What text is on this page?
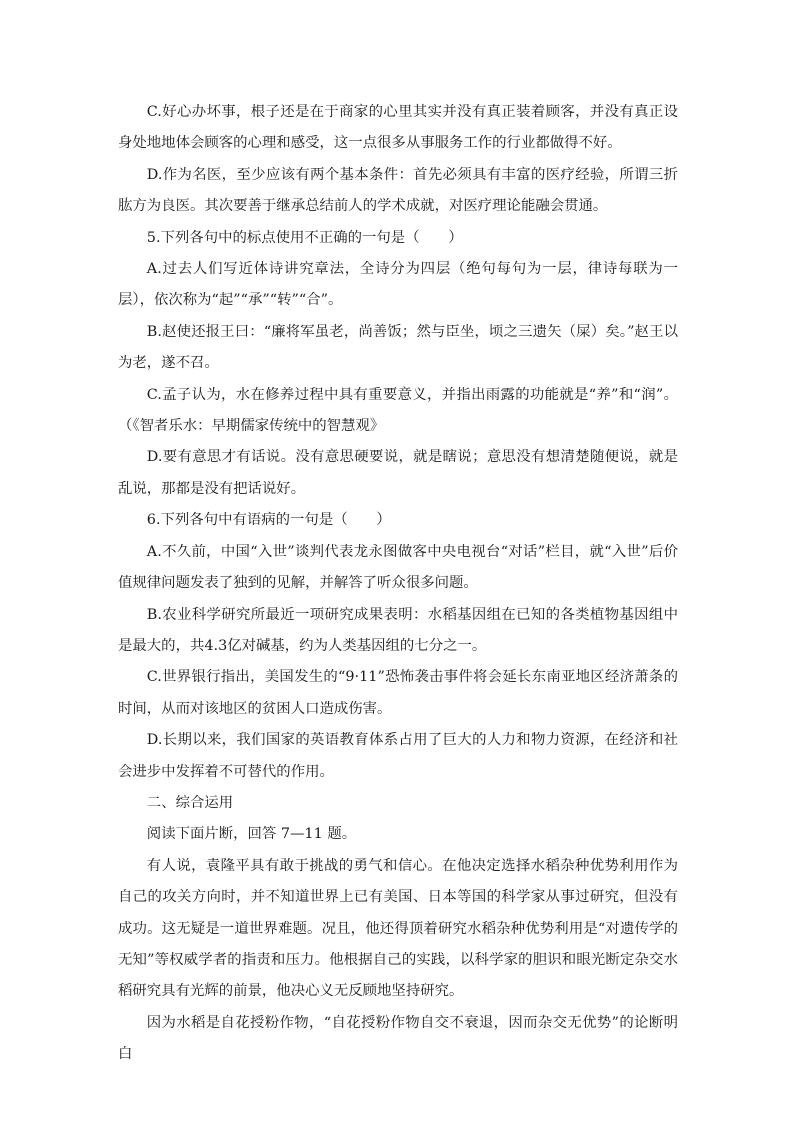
C.好心办坏事，根子还是在于商家的心里其实并没有真正装着顾客，并没有真正设身处地地体会顾客的心理和感受，这一点很多从事服务工作的行业都做得不好。

D.作为名医，至少应该有两个基本条件：首先必须具有丰富的医疗经验，所谓三折肱方为良医。其次要善于继承总结前人的学术成就，对医疗理论能融会贯通。

5.下列各句中的标点使用不正确的一句是（　　）

A.过去人们写近体诗讲究章法，全诗分为四层（绝句每句为一层，律诗每联为一层），依次称为“起”“承”“转”“合”。

B.赵使还报王曰：“廉将军虽老，尚善饭；然与臣坐，顷之三遗矢（屎）矣。”赵王以为老，遂不召。

C.孟子认为，水在修养过程中具有重要意义，并指出雨露的功能就是“养”和“润”。（《智者乐水：早期儒家传统中的智慧观》

D.要有意思才有话说。没有意思硬要说，就是瞎说；意思没有想清楚随便说，就是乱说，那都是没有把话说好。

6.下列各句中有语病的一句是（　　）

A.不久前，中国“入世”谈判代表龙永图做客中央电视台“对话”栏目，就“入世”后价值规律问题发表了独到的见解，并解答了听众很多问题。

B.农业科学研究所最近一项研究成果表明：水稻基因组在已知的各类植物基因组中是最大的，共4.3亿对碱基，约为人类基因组的七分之一。

C.世界银行指出，美国发生的“9·11”恐怖袭击事件将会延长东南亚地区经济萧条的时间，从而对该地区的贫困人口造成伤害。

D.长期以来，我们国家的英语教育体系占用了巨大的人力和物力资源，在经济和社会进步中发挥着不可替代的作用。

二、综合运用

阅读下面片断，回答 7—11 题。

有人说，袁隆平具有敢于挑战的勇气和信心。在他决定选择水稻杂种优势利用作为自己的攻关方向时，并不知道世界上已有美国、日本等国的科学家从事过研究，但没有成功。这无疑是一道世界难题。况且，他还得顶着研究水稻杂种优势利用是“对遗传学的无知”等权威学者的指责和压力。他根据自己的实践，以科学家的胆识和眼光断定杂交水稻研究具有光辉的前景，他决心义无反顾地坚持研究。

因为水稻是自花授粉作物，“自花授粉作物自交不衰退，因而杂交无优势”的论断明白
